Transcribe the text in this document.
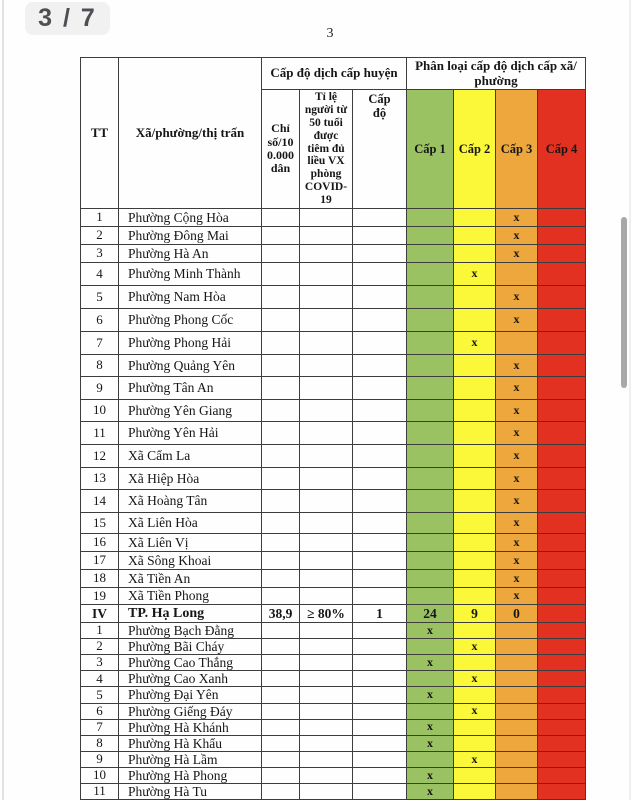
3 / 7
3
TT	Xã/phường/thị trấn	Cấp độ dịch cấp huyện			Phân loại cấp độ dịch cấp xã/ phường			
		Chỉ số/10 0.000 dân	Tỉ lệ người từ 50 tuổi được tiêm đủ liều VX phòng COVID-19	Cấp độ	Cấp 1	Cấp 2	Cấp 3	Cấp 4
1	Phường Cộng Hòa						x	
2	Phường Đông Mai						x	
3	Phường Hà An						x	
4	Phường Minh Thành					x		
5	Phường Nam Hòa						x	
6	Phường Phong Cốc						x	
7	Phường Phong Hải					x		
8	Phường Quảng Yên						x	
9	Phường Tân An						x	
10	Phường Yên Giang						x	
11	Phường Yên Hải						x	
12	Xã Cẩm La						x	
13	Xã Hiệp Hòa						x	
14	Xã Hoàng Tân						x	
15	Xã Liên Hòa						x	
16	Xã Liên Vị						x	
17	Xã Sông Khoai						x	
18	Xã Tiền An						x	
19	Xã Tiền Phong						x	
IV	TP. Hạ Long	38,9	≥ 80%	1	24	9	0	
1	Phường Bạch Đằng				x			
2	Phường Bãi Cháy					x		
3	Phường Cao Thắng				x			
4	Phường Cao Xanh					x		
5	Phường Đại Yên				x			
6	Phường Giếng Đáy					x		
7	Phường Hà Khánh				x			
8	Phường Hà Khẩu				x			
9	Phường Hà Lầm					x		
10	Phường Hà Phong				x			
11	Phường Hà Tu				x			
